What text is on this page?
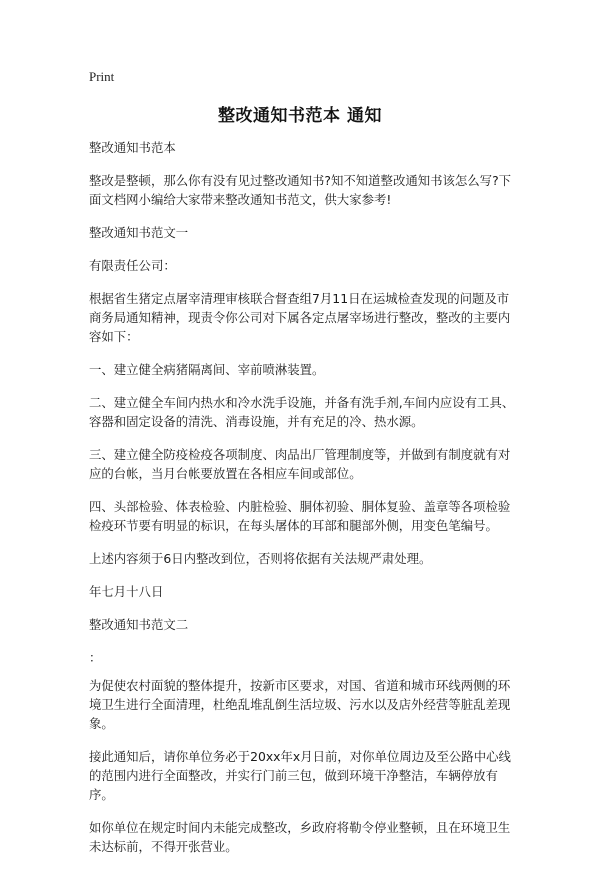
Print
整改通知书范本 通知

整改通知书范本

整改是整顿，那么你有没有见过整改通知书?知不知道整改通知书该怎么写?下面文档网小编给大家带来整改通知书范文，供大家参考!

整改通知书范文一

有限责任公司：

根据省生猪定点屠宰清理审核联合督查组7月11日在运城检查发现的问题及市商务局通知精神，现责令你公司对下属各定点屠宰场进行整改，整改的主要内容如下：

一、建立健全病猪隔离间、宰前喷淋装置。

二、建立健全车间内热水和冷水洗手设施，并备有洗手剂,车间内应设有工具、容器和固定设备的清洗、消毒设施，并有充足的冷、热水源。

三、建立健全防疫检疫各项制度、肉品出厂管理制度等，并做到有制度就有对应的台帐，当月台帐要放置在各相应车间或部位。

四、头部检验、体表检验、内脏检验、胴体初验、胴体复验、盖章等各项检验检疫环节要有明显的标识，在每头屠体的耳部和腿部外侧，用变色笔编号。

上述内容须于6日内整改到位，否则将依据有关法规严肃处理。

年七月十八日

整改通知书范文二

：

为促使农村面貌的整体提升，按新市区要求，对国、省道和城市环线两侧的环境卫生进行全面清理，杜绝乱堆乱倒生活垃圾、污水以及店外经营等脏乱差现象。

接此通知后，请你单位务必于20xx年x月日前，对你单位周边及至公路中心线的范围内进行全面整改，并实行门前三包，做到环境干净整洁，车辆停放有序。

如你单位在规定时间内未能完成整改，乡政府将勒令停业整顿，且在环境卫生未达标前，不得开张营业。
